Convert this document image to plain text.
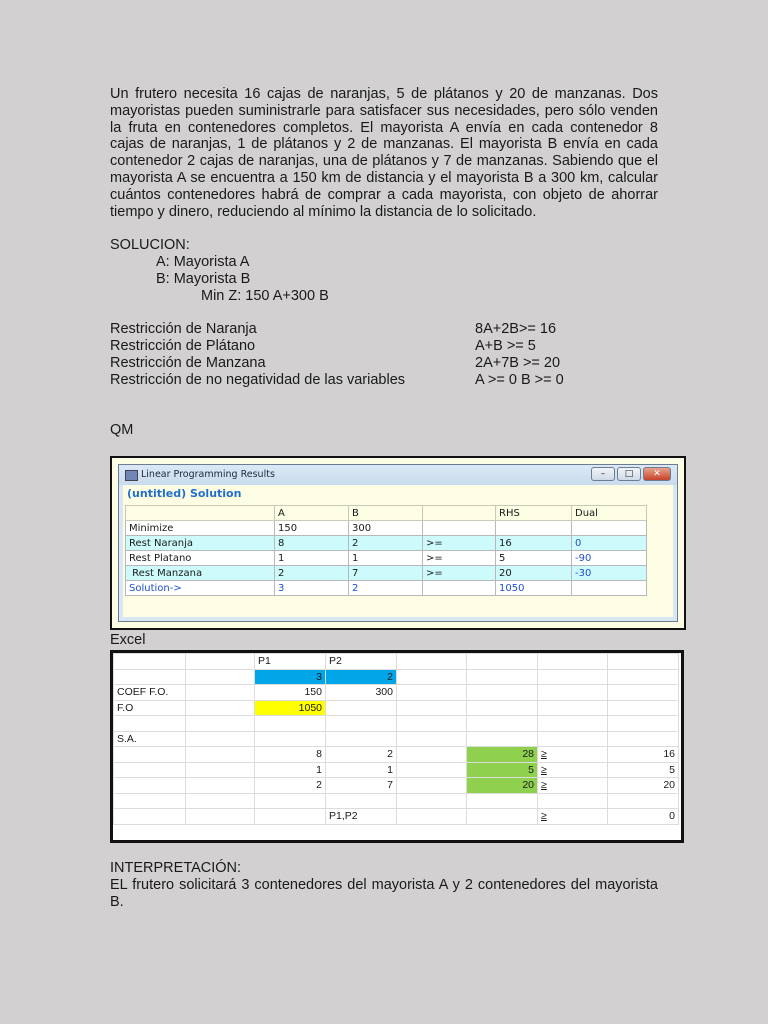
Un frutero necesita 16 cajas de naranjas, 5 de plátanos y 20 de manzanas. Dos mayoristas pueden suministrarle para satisfacer sus necesidades, pero sólo venden la fruta en contenedores completos. El mayorista A envía en cada contenedor 8 cajas de naranjas, 1 de plátanos y 2 de manzanas. El mayorista B envía en cada contenedor 2 cajas de naranjas, una de plátanos y 7 de manzanas. Sabiendo que el mayorista A se encuentra a 150 km de distancia y el mayorista B a 300 km, calcular cuántos contenedores habrá de comprar a cada mayorista, con objeto de ahorrar tiempo y dinero, reduciendo al mínimo la distancia de lo solicitado.

SOLUCION:

A: Mayorista A

B: Mayorista B

Min Z: 150 A+300 B

Restricción de Naranja	8A+2B>= 16
Restricción de Plátano	A+B >= 5
Restricción de Manzana	2A+7B >= 20
Restricción de no negatividad de las variables	A >= 0 B >= 0

QM

Linear Programming Results	–	□	✕
(untitled) Solution
	A	B		RHS	Dual
Minimize	150	300			
Rest Naranja	8	2	>=	16	0
Rest Platano	1	1	>=	5	-90
Rest Manzana	2	7	>=	20	-30
Solution->	3	2		1050	
Excel
		P1	P2				
		3	2				
COEF F.O.		150	300				
F.O		1050					

S.A.							
		8	2		28	≥	16
		1	1		5	≥	5
		2	7		20	≥	20

			P1,P2			≥	0

INTERPRETACIÓN:

EL frutero solicitará 3 contenedores del mayorista A y 2 contenedores del mayorista B.
